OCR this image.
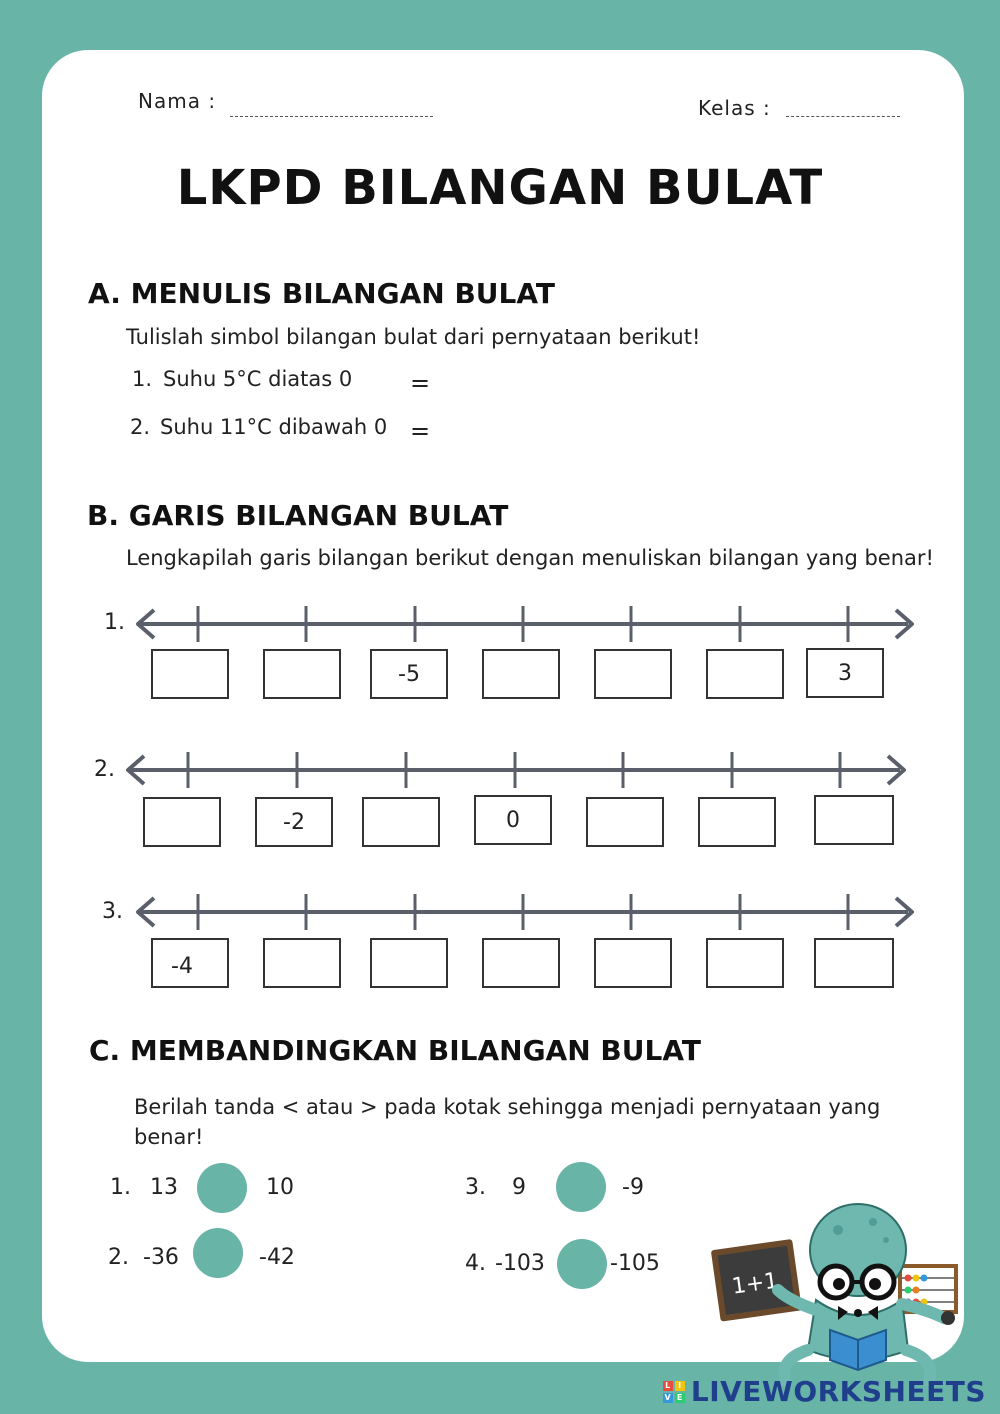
Nama :	Kelas :
LKPD BILANGAN BULAT
A. MENULIS BILANGAN BULAT
Tulislah simbol bilangan bulat dari pernyataan berikut!
1. Suhu 5°C diatas 0 =
2. Suhu 11°C dibawah 0 =
B. GARIS BILANGAN BULAT
Lengkapilah garis bilangan berikut dengan menuliskan bilangan yang benar!
1.
-5	3
2.
-2	0
3.
-4
C. MEMBANDINGKAN BILANGAN BULAT
Berilah tanda < atau > pada kotak sehingga menjadi pernyataan yang benar!
1. 13	10
2. -36	-42
3. 9	-9
4. -103	-105
1+1
L I
V E LIVEWORKSHEETS
